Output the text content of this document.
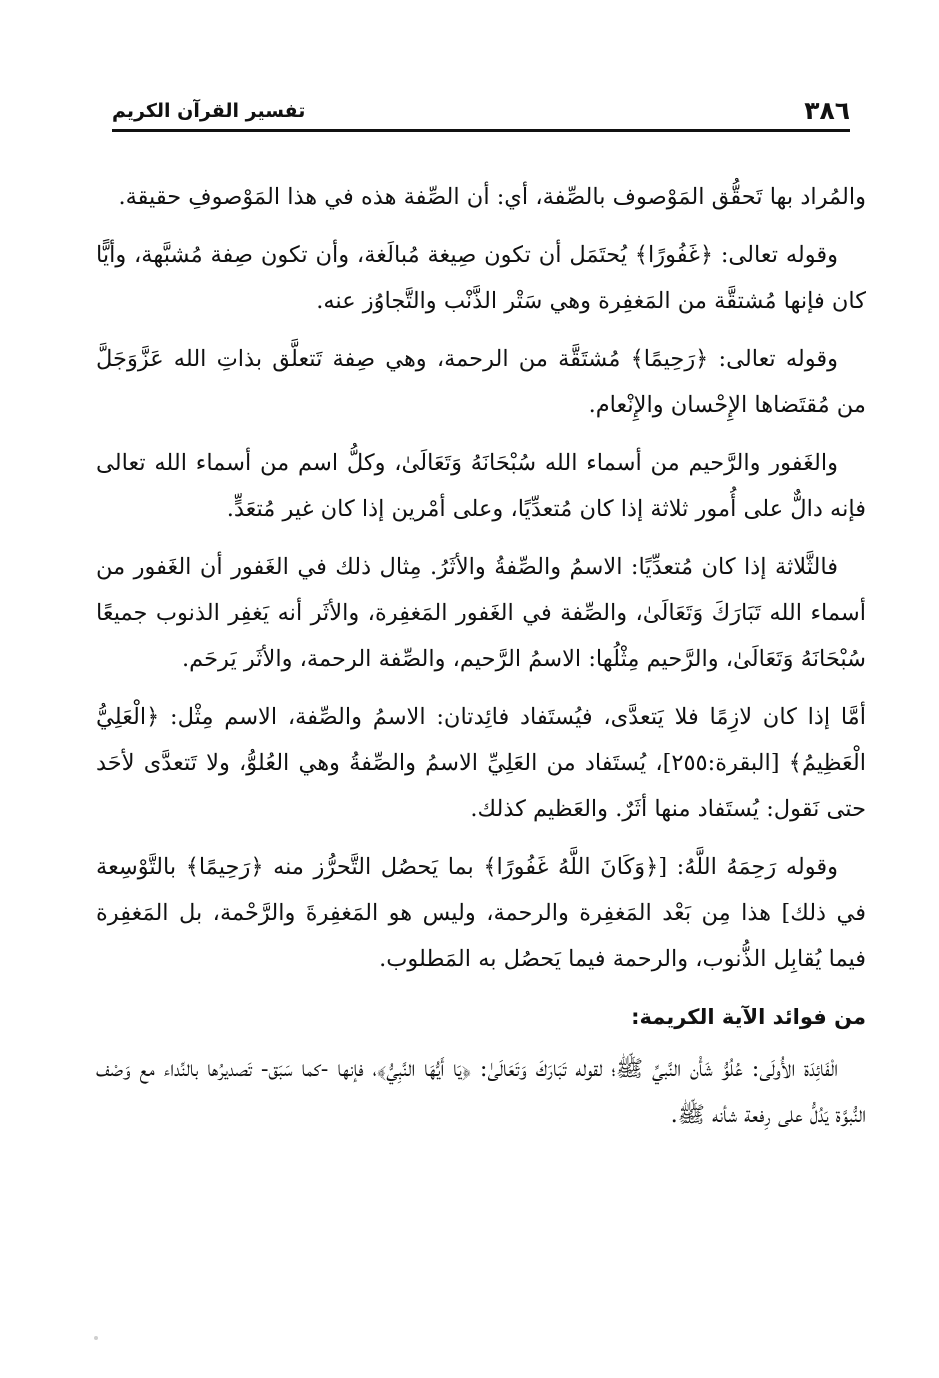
٣٨٦
تفسير القرآن الكريم

والمُراد بها تَحقُّق المَوْصوف بالصِّفة، أي: أن الصِّفة هذه في هذا المَوْصوفِ حقيقة.

وقوله تعالى: ﴿غَفُورًا﴾ يُحتَمَل أن تكون صِيغة مُبالَغة، وأن تكون صِفة مُشبَّهة، وأيًّا كان فإنها مُشتقَّة من المَغفِرة وهي سَتْر الذَّنْب والتَّجاوُز عنه.

وقوله تعالى: ﴿رَحِيمًا﴾ مُشتَقَّة من الرحمة، وهي صِفة تَتعلَّق بذاتِ الله عَزَّوَجَلَّ من مُقتَضاها الإِحْسان والإِنْعام.

والغَفور والرَّحيم من أسماء الله سُبْحَانَهُ وَتَعَالَىٰ، وكلُّ اسم من أسماء الله تعالى فإنه دالٌّ على أُمور ثلاثة إذا كان مُتعدِّيًا، وعلى أمْرين إذا كان غير مُتعَدٍّ.

فالثَّلاثة إذا كان مُتعدِّيًا: الاسمُ والصِّفةُ والأثَرُ. مِثال ذلك في الغَفور أن الغَفور من أسماء الله تَبَارَكَ وَتَعَالَىٰ، والصِّفة في الغَفور المَغفِرة، والأثَر أنه يَغفِر الذنوب جميعًا سُبْحَانَهُ وَتَعَالَىٰ، والرَّحيم مِثْلُها: الاسمُ الرَّحيم، والصِّفة الرحمة، والأثَر يَرحَم.

أمَّا إذا كان لازِمًا فلا يَتعدَّى، فيُستَفاد فائِدتان: الاسمُ والصِّفة، الاسم مِثْل: ﴿الْعَلِيُّ الْعَظِيمُ﴾ [البقرة:٢٥٥]، يُستَفاد من العَلِيِّ الاسمُ والصِّفةُ وهي العُلوُّ، ولا تَتعدَّى لأحَد حتى نَقول: يُستَفاد منها أثَرٌ. والعَظيم كذلك.

وقوله رَحِمَهُ اللَّهُ: [﴿وَكَانَ اللَّهُ غَفُورًا﴾ بما يَحصُل التَّحرُّز منه ﴿رَحِيمًا﴾ بالتَّوْسِعة في ذلك] هذا مِن بَعْد المَغفِرة والرحمة، وليس هو المَغفِرةَ والرَّحْمة، بل المَغفِرة فيما يُقابِل الذُّنوب، والرحمة فيما يَحصُل به المَطلوب.

من فوائد الآية الكريمة:

الْفَائِدَة الأُولَى: عُلُوُّ شَأْن النَّبيِّ ﷺ؛ لقوله تَبَارَكَ وَتَعَالَىٰ: ﴿يَا أَيُّهَا النَّبِيُّ﴾، فإنها -كما سَبَق- تَصديرُها بالنِّداء مع وَصْف النُّبوَّة يَدُلُّ على رِفعة شأنه ﷺ.
